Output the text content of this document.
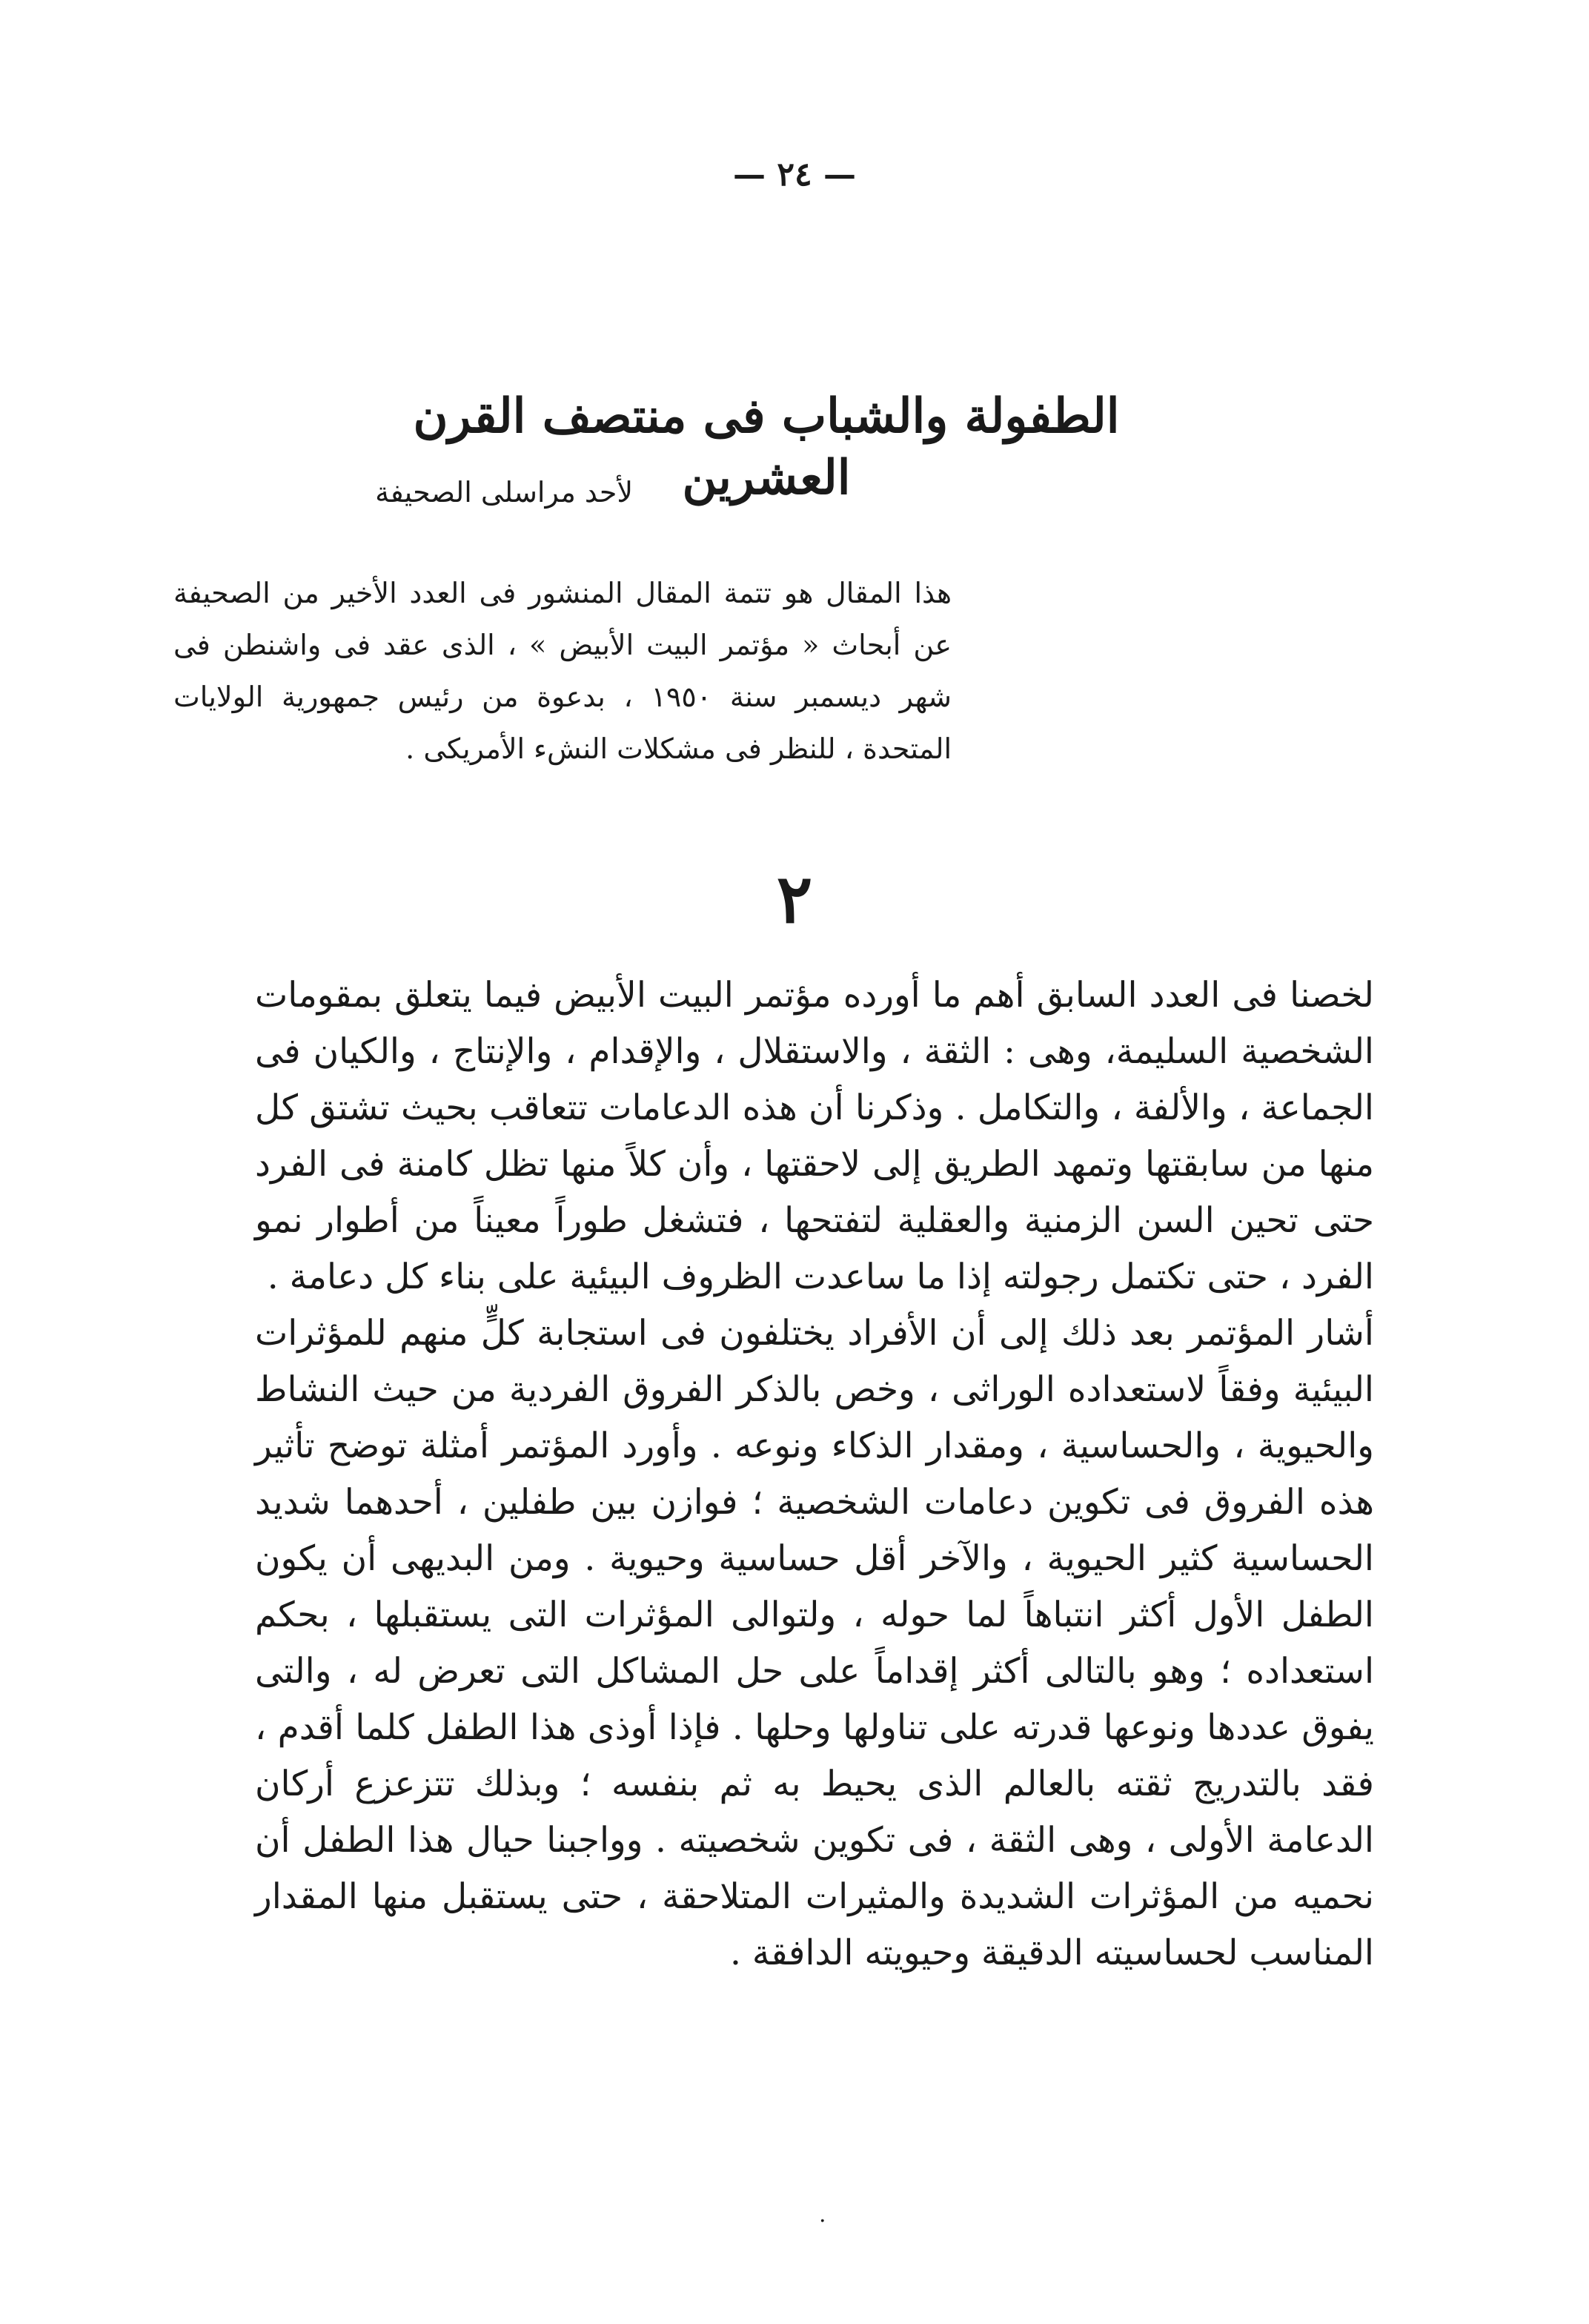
— ٢٤ —
الطفولة والشباب فى منتصف القرن العشرين
لأحد مراسلى الصحيفة
هذا المقال هو تتمة المقال المنشور فى العدد الأخير من الصحيفة عن أبحاث « مؤتمر البيت الأبيض » ، الذى عقد فى واشنطن فى شهر ديسمبر سنة ١٩٥٠ ، بدعوة من رئيس جمهورية الولايات المتحدة ، للنظر فى مشكلات النشء الأمريكى .
٢

لخصنا فى العدد السابق أهم ما أورده مؤتمر البيت الأبيض فيما يتعلق بمقومات الشخصية السليمة، وهى : الثقة ، والاستقلال ، والإقدام ، والإنتاج ، والكيان فى الجماعة ، والألفة ، والتكامل . وذكرنا أن هذه الدعامات تتعاقب بحيث تشتق كل منها من سابقتها وتمهد الطريق إلى لاحقتها ، وأن كلاً منها تظل كامنة فى الفرد حتى تحين السن الزمنية والعقلية لتفتحها ، فتشغل طوراً معيناً من أطوار نمو الفرد ، حتى تكتمل رجولته إذا ما ساعدت الظروف البيئية على بناء كل دعامة .

أشار المؤتمر بعد ذلك إلى أن الأفراد يختلفون فى استجابة كلٍّ منهم للمؤثرات البيئية وفقاً لاستعداده الوراثى ، وخص بالذكر الفروق الفردية من حيث النشاط والحيوية ، والحساسية ، ومقدار الذكاء ونوعه . وأورد المؤتمر أمثلة توضح تأثير هذه الفروق فى تكوين دعامات الشخصية ؛ فوازن بين طفلين ، أحدهما شديد الحساسية كثير الحيوية ، والآخر أقل حساسية وحيوية . ومن البديهى أن يكون الطفل الأول أكثر انتباهاً لما حوله ، ولتوالى المؤثرات التى يستقبلها ، بحكم استعداده ؛ وهو بالتالى أكثر إقداماً على حل المشاكل التى تعرض له ، والتى يفوق عددها ونوعها قدرته على تناولها وحلها . فإذا أوذى هذا الطفل كلما أقدم ، فقد بالتدريج ثقته بالعالم الذى يحيط به ثم بنفسه ؛ وبذلك تتزعزع أركان الدعامة الأولى ، وهى الثقة ، فى تكوين شخصيته . وواجبنا حيال هذا الطفل أن نحميه من المؤثرات الشديدة والمثيرات المتلاحقة ، حتى يستقبل منها المقدار المناسب لحساسيته الدقيقة وحيويته الدافقة .

.
